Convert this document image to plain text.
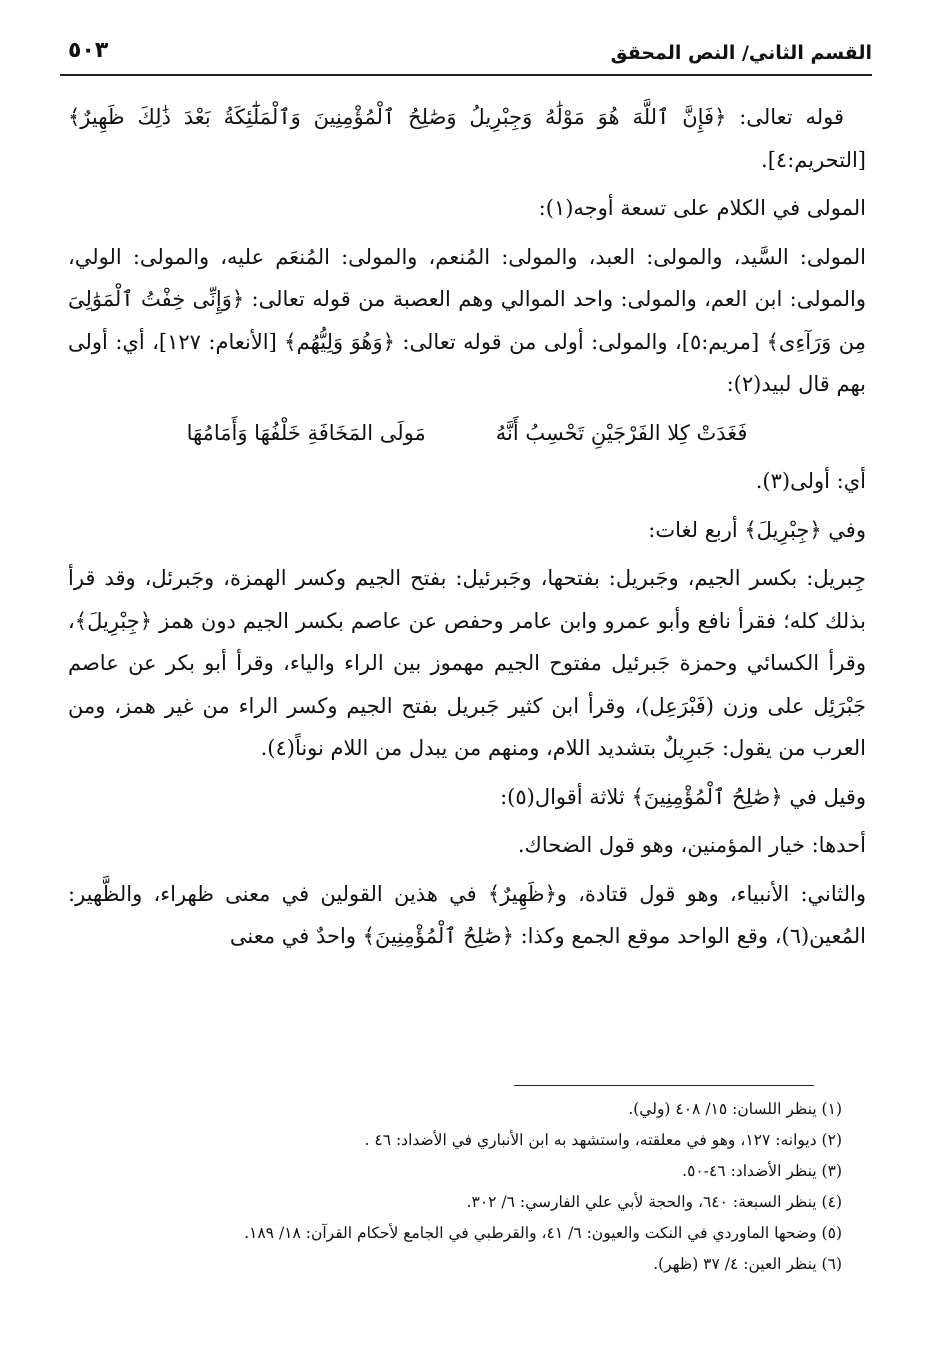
القسم الثاني/ النص المحقق
٥٠٣

قوله تعالى: ﴿فَإِنَّ ٱللَّهَ هُوَ مَوْلَٰهُ وَجِبْرِيلُ وَصَٰلِحُ ٱلْمُؤْمِنِينَ وَٱلْمَلَٰٓئِكَةُ بَعْدَ ذَٰلِكَ ظَهِيرٌ﴾ [التحريم:٤].

المولى في الكلام على تسعة أوجه(١):

المولى: السَّيد، والمولى: العبد، والمولى: المُنعم، والمولى: المُنعَم عليه، والمولى: الولي، والمولى: ابن العم، والمولى: واحد الموالي وهم العصبة من قوله تعالى: ﴿وَإِنِّى خِفْتُ ٱلْمَوَٰلِىَ مِن وَرَآءِى﴾ [مريم:٥]، والمولى: أولى من قوله تعالى: ﴿وَهُوَ وَلِيُّهُم﴾ [الأنعام: ١٢٧]، أي: أولى بهم قال لبيد(٢):

فَغَدَتْ كِلا الفَرْجَيْنِ تَحْسِبُ أَنَّهُ
مَولَى المَخَافَةِ خَلْفُهَا وَأَمَامُهَا

أي: أولى(٣).

وفي ﴿جِبْرِيلَ﴾ أربع لغات:

جِبريل: بكسر الجيم، وجَبريل: بفتحها، وجَبرئيل: بفتح الجيم وكسر الهمزة، وجَبرئل، وقد قرأ بذلك كله؛ فقرأ نافع وأبو عمرو وابن عامر وحفص عن عاصم بكسر الجيم دون همز ﴿جِبْرِيلَ﴾، وقرأ الكسائي وحمزة جَبرئيل مفتوح الجيم مهموز بين الراء والياء، وقرأ أبو بكر عن عاصم جَبْرَئِل على وزن (فَبْرَعِل)، وقرأ ابن كثير جَبريل بفتح الجيم وكسر الراء من غير همز، ومن العرب من يقول: جَبرِيلٌ بتشديد اللام، ومنهم من يبدل من اللام نوناً(٤).

وقيل في ﴿صَٰلِحُ ٱلْمُؤْمِنِينَ﴾ ثلاثة أقوال(٥):

أحدها: خيار المؤمنين، وهو قول الضحاك.

والثاني: الأنبياء، وهو قول قتادة، و﴿ظَهِيرٌ﴾ في هذين القولين في معنى ظهراء، والظَّهير: المُعين(٦)، وقع الواحد موقع الجمع وكذا: ﴿صَٰلِحُ ٱلْمُؤْمِنِينَ﴾ واحدٌ في معنى

(١) ينظر اللسان: ١٥/ ٤٠٨ (ولي).
(٢) ديوانه: ١٢٧، وهو في معلقته، واستشهد به ابن الأنباري في الأضداد: ٤٦ .
(٣) ينظر الأضداد: ٤٦-٥٠.
(٤) ينظر السبعة: ٦٤٠، والحجة لأبي علي الفارسي: ٦/ ٣٠٢.
(٥) وضحها الماوردي في النكت والعيون: ٦/ ٤١، والقرطبي في الجامع لأحكام القرآن: ١٨/ ١٨٩.
(٦) ينظر العين: ٤/ ٣٧ (ظهر).
